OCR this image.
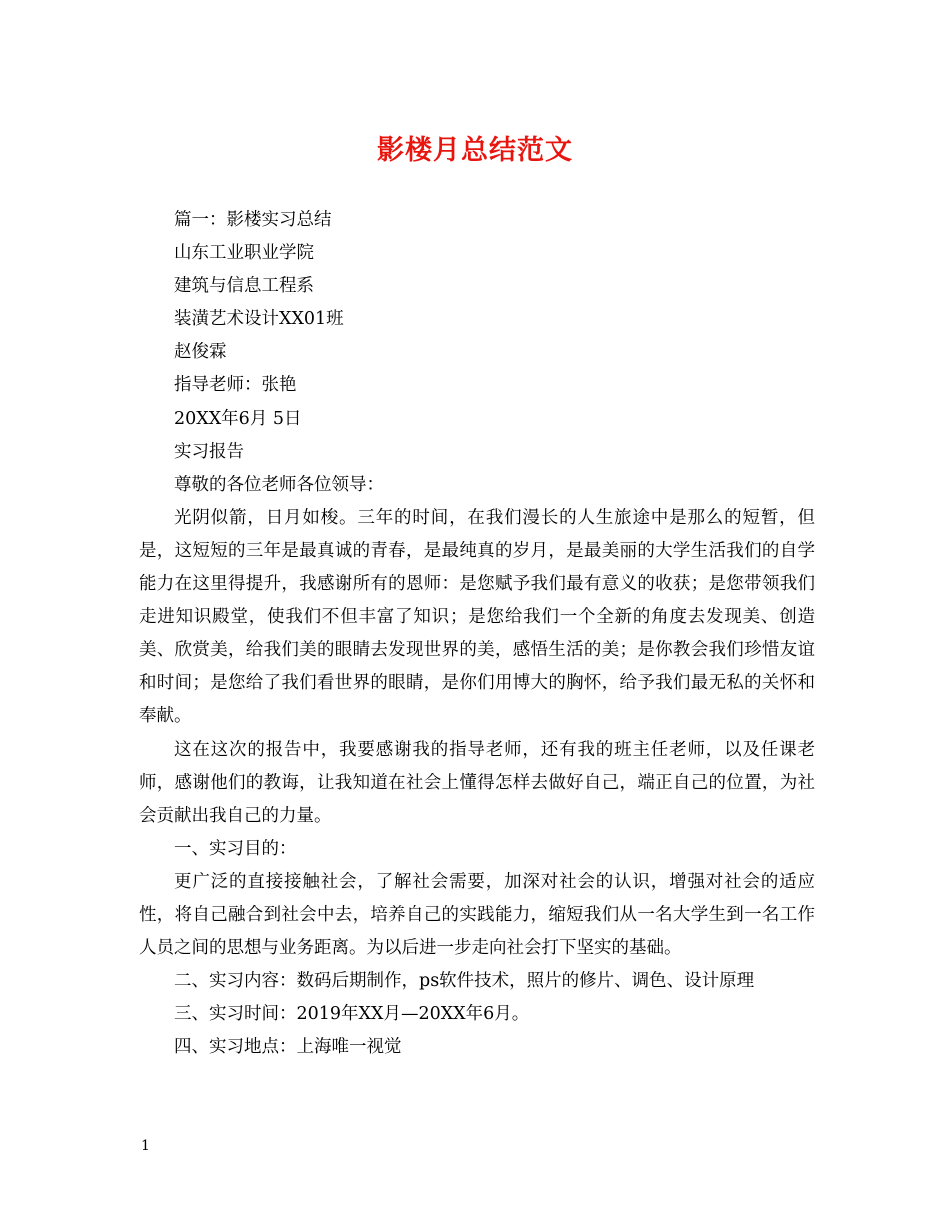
影楼月总结范文

篇一：影楼实习总结

山东工业职业学院

建筑与信息工程系

装潢艺术设计XX01班

赵俊霖

指导老师：张艳

20XX年6月 5日

实习报告

尊敬的各位老师各位领导：

光阴似箭，日月如梭。三年的时间，在我们漫长的人生旅途中是那么的短暂，但是，这短短的三年是最真诚的青春，是最纯真的岁月，是最美丽的大学生活我们的自学能力在这里得提升，我感谢所有的恩师：是您赋予我们最有意义的收获；是您带领我们走进知识殿堂，使我们不但丰富了知识；是您给我们一个全新的角度去发现美、创造美、欣赏美，给我们美的眼睛去发现世界的美，感悟生活的美；是你教会我们珍惜友谊和时间；是您给了我们看世界的眼睛，是你们用博大的胸怀，给予我们最无私的关怀和奉献。

这在这次的报告中，我要感谢我的指导老师，还有我的班主任老师，以及任课老师，感谢他们的教诲，让我知道在社会上懂得怎样去做好自己，端正自己的位置，为社会贡献出我自己的力量。

一、实习目的：

更广泛的直接接触社会，了解社会需要，加深对社会的认识，增强对社会的适应性，将自己融合到社会中去，培养自己的实践能力，缩短我们从一名大学生到一名工作人员之间的思想与业务距离。为以后进一步走向社会打下坚实的基础。

二、实习内容：数码后期制作，ps软件技术，照片的修片、调色、设计原理

三、实习时间：2019年XX月—20XX年6月。

四、实习地点：上海唯一视觉

1
